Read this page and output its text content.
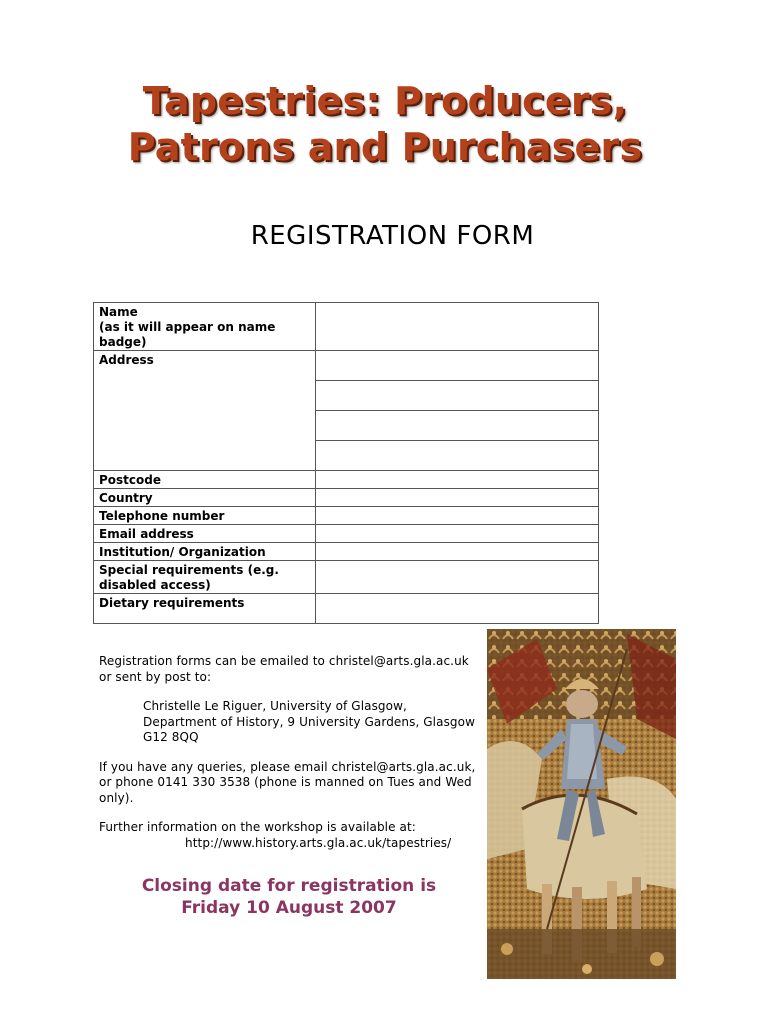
Tapestries: Producers,
Patrons and Purchasers
REGISTRATION FORM
Name
(as it will appear on name
badge)	

Address	

Postcode	

Country	

Telephone number	

Email address	

Institution/ Organization	

Special requirements (e.g.
disabled access)	

Dietary requirements	

Registration forms can be emailed to christel@arts.gla.ac.uk or sent by post to:

Christelle Le Riguer, University of Glasgow, Department of History, 9 University Gardens, Glasgow G12 8QQ

If you have any queries, please email christel@arts.gla.ac.uk, or phone 0141 330 3538 (phone is manned on Tues and Wed only).

Further information on the workshop is available at:

http://www.history.arts.gla.ac.uk/tapestries/

Closing date for registration is
Friday 10 August 2007
